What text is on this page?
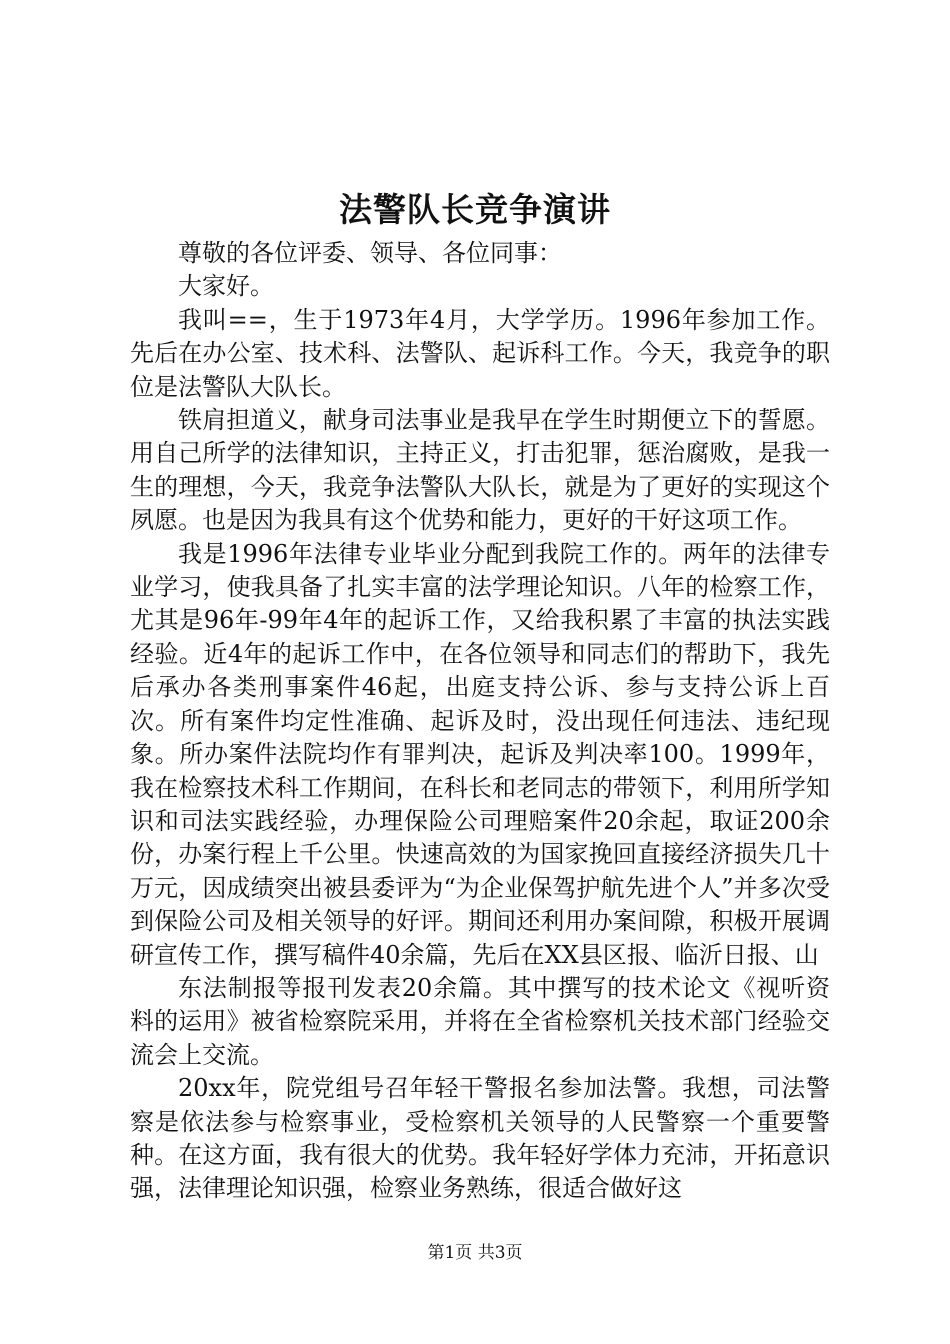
法警队长竞争演讲

尊敬的各位评委、领导、各位同事：

大家好。

我叫==，生于1973年4月，大学学历。1996年参加工作。先后在办公室、技术科、法警队、起诉科工作。今天，我竞争的职位是法警队大队长。

铁肩担道义，献身司法事业是我早在学生时期便立下的誓愿。用自己所学的法律知识，主持正义，打击犯罪，惩治腐败，是我一生的理想，今天，我竞争法警队大队长，就是为了更好的实现这个夙愿。也是因为我具有这个优势和能力，更好的干好这项工作。

我是1996年法律专业毕业分配到我院工作的。两年的法律专业学习，使我具备了扎实丰富的法学理论知识。八年的检察工作，尤其是96年-99年4年的起诉工作，又给我积累了丰富的执法实践经验。近4年的起诉工作中，在各位领导和同志们的帮助下，我先后承办各类刑事案件46起，出庭支持公诉、参与支持公诉上百次。所有案件均定性准确、起诉及时，没出现任何违法、违纪现象。所办案件法院均作有罪判决，起诉及判决率100。1999年，我在检察技术科工作期间，在科长和老同志的带领下，利用所学知识和司法实践经验，办理保险公司理赔案件20余起，取证200余份，办案行程上千公里。快速高效的为国家挽回直接经济损失几十万元，因成绩突出被县委评为“为企业保驾护航先进个人”并多次受到保险公司及相关领导的好评。期间还利用办案间隙，积极开展调研宣传工作，撰写稿件40余篇，先后在XX县区报、临沂日报、山

东法制报等报刊发表20余篇。其中撰写的技术论文《视听资料的运用》被省检察院采用，并将在全省检察机关技术部门经验交流会上交流。

20xx年，院党组号召年轻干警报名参加法警。我想，司法警察是依法参与检察事业，受检察机关领导的人民警察一个重要警种。在这方面，我有很大的优势。我年轻好学体力充沛，开拓意识强，法律理论知识强，检察业务熟练，很适合做好这

第1页 共3页
